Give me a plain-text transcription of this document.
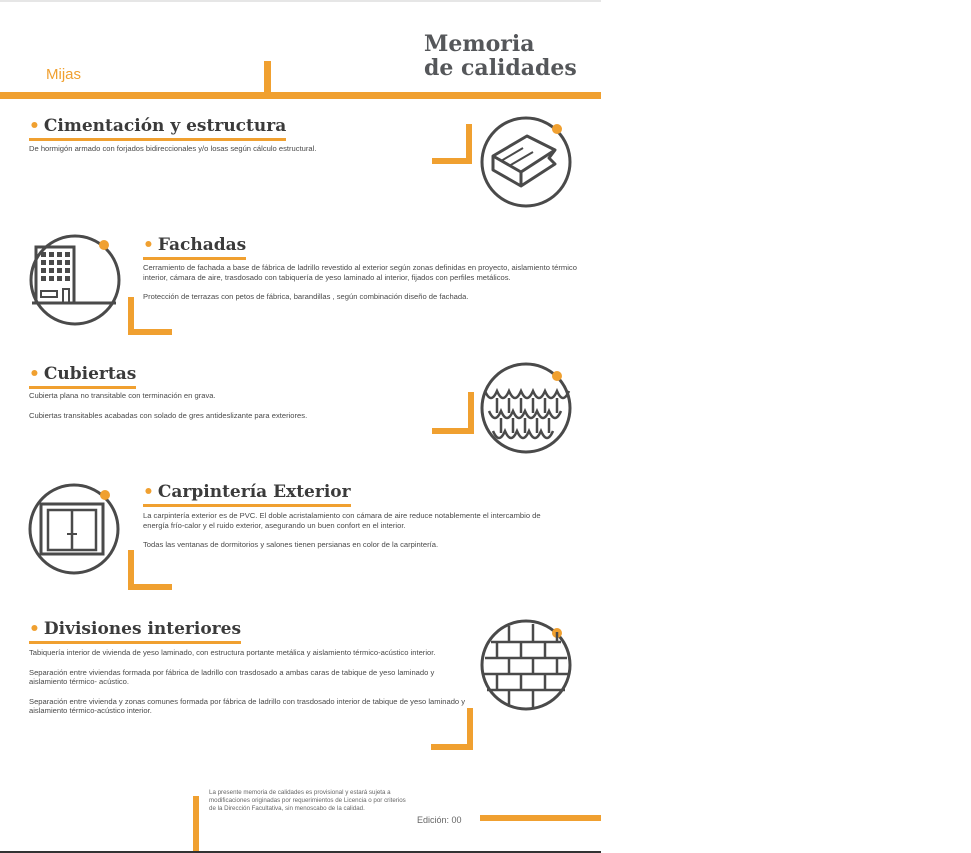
Mijas
Memoria
de calidades
• Cimentación y estructura

De hormigón armado con forjados bidireccionales y/o losas según cálculo estructural.

• Fachadas

Cerramiento de fachada a base de fábrica de ladrillo revestido al exterior según zonas definidas en proyecto, aislamiento térmico interior, cámara de aire, trasdosado con tabiquería de yeso laminado al interior, fijados con perfiles metálicos.

Protección de terrazas con petos de fábrica, barandillas , según combinación diseño de fachada.

• Cubiertas

Cubierta plana no transitable con terminación en grava.

Cubiertas transitables acabadas con solado de gres antideslizante para exteriores.

• Carpintería Exterior

La carpintería exterior es de PVC. El doble acristalamiento con cámara de aire reduce notablemente el intercambio de energía frío-calor y el ruido exterior, asegurando un buen confort en el interior.

Todas las ventanas de dormitorios y salones tienen persianas en color de la carpintería.

• Divisiones interiores

Tabiquería interior de vivienda de yeso laminado, con estructura portante metálica y aislamiento térmico-acústico interior.

Separación entre viviendas formada por fábrica de ladrillo con trasdosado a ambas caras de tabique de yeso laminado y aislamiento térmico- acústico.

Separación entre vivienda y zonas comunes formada por fábrica de ladrillo con trasdosado interior de tabique de yeso laminado y aislamiento térmico-acústico interior.

La presente memoria de calidades es provisional y estará sujeta a modificaciones originadas por requerimientos de Licencia o por criterios de la Dirección Facultativa, sin menoscabo de la calidad.
Edición: 00
